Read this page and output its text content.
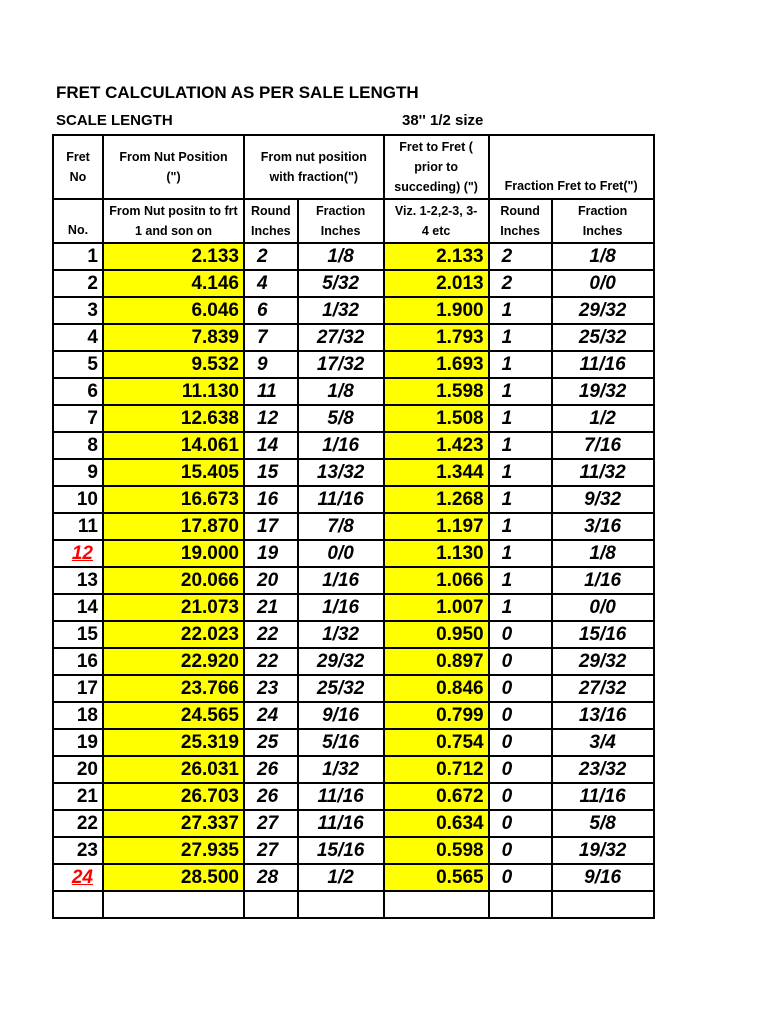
FRET CALCULATION AS PER SALE LENGTH
SCALE LENGTH	38'' 1/2 size
Fret No	From Nut Position (")	From nut position with fraction(")		Fret to Fret ( prior to succeding) (")	Fraction Fret to Fret(")	
No.	From Nut positn to frt 1 and son on	Round Inches	Fraction Inches	Viz. 1-2,2-3, 3-4 etc	Round Inches	Fraction Inches
1	2.133	2	1/8	2.133	2	1/8
2	4.146	4	5/32	2.013	2	0/0
3	6.046	6	1/32	1.900	1	29/32
4	7.839	7	27/32	1.793	1	25/32
5	9.532	9	17/32	1.693	1	11/16
6	11.130	11	1/8	1.598	1	19/32
7	12.638	12	5/8	1.508	1	1/2
8	14.061	14	1/16	1.423	1	7/16
9	15.405	15	13/32	1.344	1	11/32
10	16.673	16	11/16	1.268	1	9/32
11	17.870	17	7/8	1.197	1	3/16
12	19.000	19	0/0	1.130	1	1/8
13	20.066	20	1/16	1.066	1	1/16
14	21.073	21	1/16	1.007	1	0/0
15	22.023	22	1/32	0.950	0	15/16
16	22.920	22	29/32	0.897	0	29/32
17	23.766	23	25/32	0.846	0	27/32
18	24.565	24	9/16	0.799	0	13/16
19	25.319	25	5/16	0.754	0	3/4
20	26.031	26	1/32	0.712	0	23/32
21	26.703	26	11/16	0.672	0	11/16
22	27.337	27	11/16	0.634	0	5/8
23	27.935	27	15/16	0.598	0	19/32
24	28.500	28	1/2	0.565	0	9/16
